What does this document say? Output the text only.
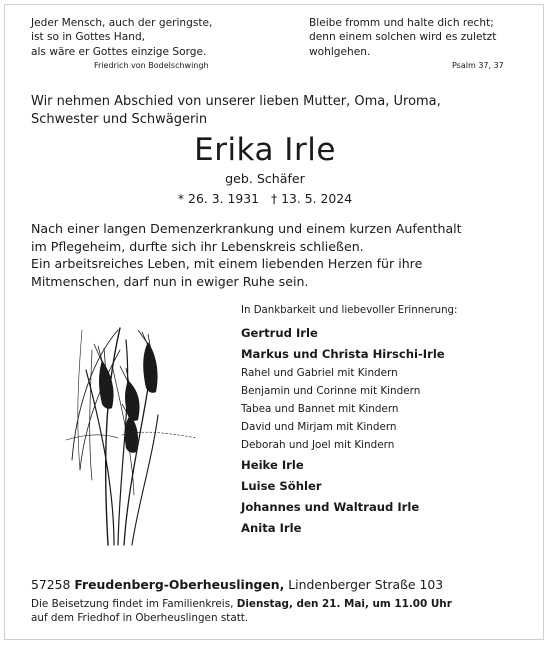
Jeder Mensch, auch der geringste,
ist so in Gottes Hand,
als wäre er Gottes einzige Sorge.
Friedrich von Bodelschwingh
Bleibe fromm und halte dich recht;
denn einem solchen wird es zuletzt
wohlgehen.
Psalm 37, 37
Wir nehmen Abschied von unserer lieben Mutter, Oma, Uroma,
Schwester und Schwägerin
Erika Irle
geb. Schäfer
* 26. 3. 1931 † 13. 5. 2024
Nach einer langen Demenzerkrankung und einem kurzen Aufenthalt
im Pflegeheim, durfte sich ihr Lebenskreis schließen.
Ein arbeitsreiches Leben, mit einem liebenden Herzen für ihre
Mitmenschen, darf nun in ewiger Ruhe sein.
In Dankbarkeit und liebevoller Erinnerung:
Gertrud Irle
Markus und Christa Hirschi-Irle
Rahel und Gabriel mit Kindern
Benjamin und Corinne mit Kindern
Tabea und Bannet mit Kindern
David und Mirjam mit Kindern
Deborah und Joel mit Kindern
Heike Irle
Luise Söhler
Johannes und Waltraud Irle
Anita Irle
57258 Freudenberg-Oberheuslingen, Lindenberger Straße 103
Die Beisetzung findet im Familienkreis, Dienstag, den 21. Mai, um 11.00 Uhr
auf dem Friedhof in Oberheuslingen statt.
